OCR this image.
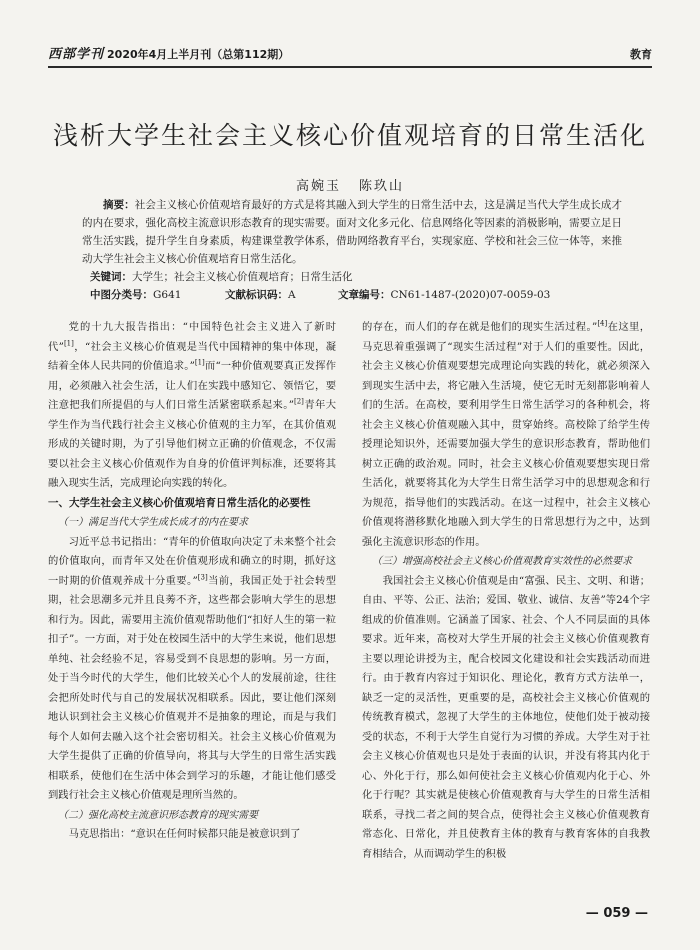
西部学刊 2020年4月上半月刊（总第112期）	教育
浅析大学生社会主义核心价值观培育的日常生活化
高婉玉 陈玖山
摘要：社会主义核心价值观培育最好的方式是将其融入到大学生的日常生活中去，这是满足当代大学生成长成才的内在要求，强化高校主流意识形态教育的现实需要。面对文化多元化、信息网络化等因素的消极影响，需要立足日常生活实践，提升学生自身素质，构建课堂教学体系，借助网络教育平台，实现家庭、学校和社会三位一体等，来推动大学生社会主义核心价值观培育日常生活化。
关键词：大学生；社会主义核心价值观培育；日常生活化
中图分类号：G641	文献标识码：A	文章编号：CN61-1487-(2020)07-0059-03

党的十九大报告指出：“中国特色社会主义进入了新时代”[1]，“社会主义核心价值观是当代中国精神的集中体现，凝结着全体人民共同的价值追求。”[1]而“一种价值观要真正发挥作用，必须融入社会生活，让人们在实践中感知它、领悟它，要注意把我们所提倡的与人们日常生活紧密联系起来。”[2]青年大学生作为当代践行社会主义核心价值观的主力军，在其价值观形成的关键时期，为了引导他们树立正确的价值观念，不仅需要以社会主义核心价值观作为自身的价值评判标准，还要将其融入现实生活，完成理论向实践的转化。

一、大学生社会主义核心价值观培育日常生活化的必要性
（一）满足当代大学生成长成才的内在要求

习近平总书记指出：“青年的价值取向决定了未来整个社会的价值取向，而青年又处在价值观形成和确立的时期，抓好这一时期的价值观养成十分重要。”[3]当前，我国正处于社会转型期，社会思潮多元并且良莠不齐，这些都会影响大学生的思想和行为。因此，需要用主流价值观帮助他们“扣好人生的第一粒扣子”。一方面，对于处在校园生活中的大学生来说，他们思想单纯、社会经验不足，容易受到不良思想的影响。另一方面，处于当今时代的大学生，他们比较关心个人的发展前途，往往会把所处时代与自己的发展状况相联系。因此，要让他们深刻地认识到社会主义核心价值观并不是抽象的理论，而是与我们每个人如何去融入这个社会密切相关。社会主义核心价值观为大学生提供了正确的价值导向，将其与大学生的日常生活实践相联系，使他们在生活中体会到学习的乐趣，才能让他们感受到践行社会主义核心价值观是理所当然的。

（二）强化高校主流意识形态教育的现实需要

马克思指出：“意识在任何时候都只能是被意识到了

的存在，而人们的存在就是他们的现实生活过程。”[4]在这里，马克思着重强调了“现实生活过程”对于人们的重要性。因此，社会主义核心价值观要想完成理论向实践的转化，就必须深入到现实生活中去，将它融入生活境，使它无时无刻都影响着人们的生活。在高校，要利用学生日常生活学习的各种机会，将社会主义核心价值观融入其中，贯穿始终。高校除了给学生传授理论知识外，还需要加强大学生的意识形态教育，帮助他们树立正确的政治观。同时，社会主义核心价值观要想实现日常生活化，就要将其化为大学生日常生活学习中的思想观念和行为规范，指导他们的实践活动。在这一过程中，社会主义核心价值观将潜移默化地融入到大学生的日常思想行为之中，达到强化主流意识形态的作用。

（三）增强高校社会主义核心价值观教育实效性的必然要求

我国社会主义核心价值观是由“富强、民主、文明、和谐；自由、平等、公正、法治；爱国、敬业、诚信、友善”等24个字组成的价值准则。它涵盖了国家、社会、个人不同层面的具体要求。近年来，高校对大学生开展的社会主义核心价值观教育主要以理论讲授为主，配合校园文化建设和社会实践活动而进行。由于教育内容过于知识化、理论化，教育方式方法单一，缺乏一定的灵活性，更重要的是，高校社会主义核心价值观的传统教育模式，忽视了大学生的主体地位，使他们处于被动接受的状态，不利于大学生自觉行为习惯的养成。大学生对于社会主义核心价值观也只是处于表面的认识，并没有将其内化于心、外化于行，那么如何使社会主义核心价值观内化于心、外化于行呢？其实就是使核心价值观教育与大学生的日常生活相联系，寻找二者之间的契合点，使得社会主义核心价值观教育常态化、日常化，并且使教育主体的教育与教育客体的自我教育相结合，从而调动学生的积极

— 059 —
